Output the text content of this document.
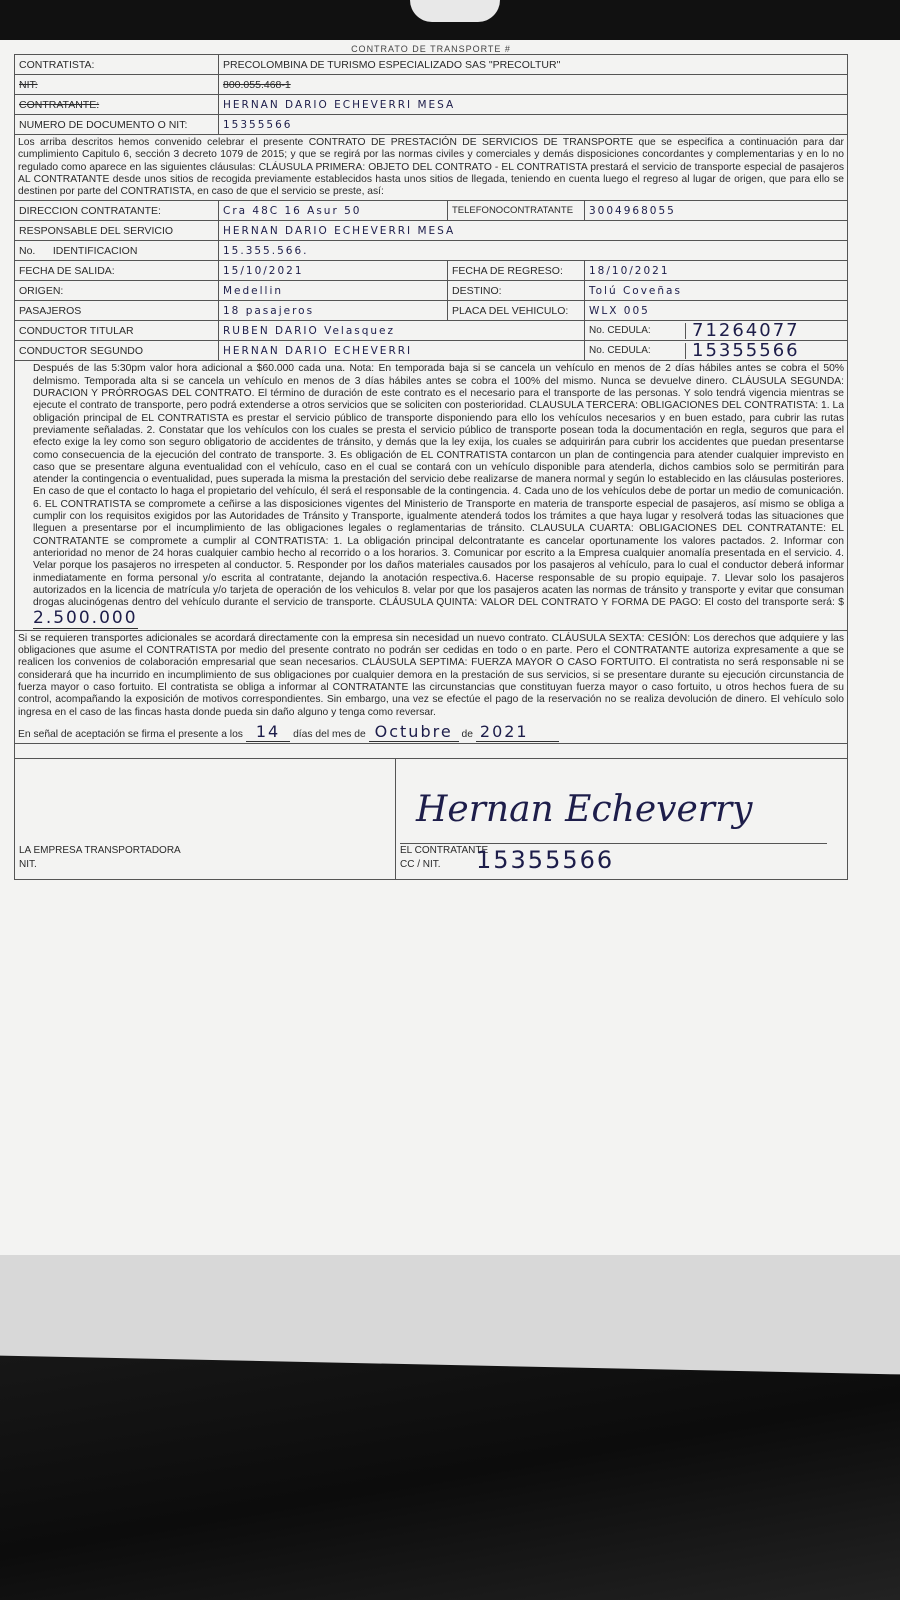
CONTRATO DE TRANSPORTE #
CONTRATISTA:	PRECOLOMBINA DE TURISMO ESPECIALIZADO SAS "PRECOLTUR"
NIT:	800.055.468-1
CONTRATANTE:	HERNAN DARIO ECHEVERRI MESA
NUMERO DE DOCUMENTO O NIT:	15355566
Los arriba descritos hemos convenido celebrar el presente CONTRATO DE PRESTACIÓN DE SERVICIOS DE TRANSPORTE que se especifica a continuación para dar cumplimiento Capitulo 6, sección 3 decreto 1079 de 2015; y que se regirá por las normas civiles y comerciales y demás disposiciones concordantes y complementarias y en lo no regulado como aparece en las siguientes cláusulas: CLÁUSULA PRIMERA: OBJETO DEL CONTRATO - EL CONTRATISTA prestará el servicio de transporte especial de pasajeros AL CONTRATANTE desde unos sitios de recogida previamente establecidos hasta unos sitios de llegada, teniendo en cuenta luego el regreso al lugar de origen, que para ello se destinen por parte del CONTRATISTA, en caso de que el servicio se preste, así:
DIRECCION CONTRATANTE:	Cra 48C 16 Asur 50	TELEFONOCONTRATANTE	3004968055
RESPONSABLE DEL SERVICIO	HERNAN DARIO ECHEVERRI MESA		
No.      IDENTIFICACION	15.355.566.		
FECHA DE SALIDA:	15/10/2021	FECHA DE REGRESO:	18/10/2021
ORIGEN:	Medellin	DESTINO:	Tolú Coveñas
PASAJEROS	18 pasajeros	PLACA DEL VEHICULO:	WLX 005
CONDUCTOR TITULAR	RUBEN DARIO Velasquez		No. CEDULA: 71264077

CONDUCTOR SEGUNDO	HERNAN DARIO ECHEVERRI		No. CEDULA: 15355566
Después de las 5:30pm valor hora adicional a $60.000 cada una. Nota: En temporada baja si se cancela un vehículo en menos de 2 días hábiles antes se cobra el 50% delmismo. Temporada alta si se cancela un vehículo en menos de 3 días hábiles antes se cobra el 100% del mismo. Nunca se devuelve dinero. CLÁUSULA SEGUNDA: DURACION Y PRÓRROGAS DEL CONTRATO. El término de duración de este contrato es el necesario para el transporte de las personas. Y solo tendrá vigencia mientras se ejecute el contrato de transporte, pero podrá extenderse a otros servicios que se soliciten con posterioridad. CLAUSULA TERCERA: OBLIGACIONES DEL CONTRATISTA: 1. La obligación principal de EL CONTRATISTA es prestar el servicio público de transporte disponiendo para ello los vehículos necesarios y en buen estado, para cubrir las rutas previamente señaladas. 2. Constatar que los vehículos con los cuales se presta el servicio público de transporte posean toda la documentación en regla, seguros que para el efecto exige la ley como son seguro obligatorio de accidentes de tránsito, y demás que la ley exija, los cuales se adquirirán para cubrir los accidentes que puedan presentarse como consecuencia de la ejecución del contrato de transporte. 3. Es obligación de EL CONTRATISTA contarcon un plan de contingencia para atender cualquier imprevisto en caso que se presentare alguna eventualidad con el vehículo, caso en el cual se contará con un vehículo disponible para atenderla, dichos cambios solo se permitirán para atender la contingencia o eventualidad, pues superada la misma la prestación del servicio debe realizarse de manera normal y según lo establecido en las cláusulas posteriores. En caso de que el contacto lo haga el propietario del vehículo, él será el responsable de la contingencia. 4. Cada uno de los vehículos debe de portar un medio de comunicación. 6. EL CONTRATISTA se compromete a ceñirse a las disposiciones vigentes del Ministerio de Transporte en materia de transporte especial de pasajeros, así mismo se obliga a cumplir con los requisitos exigidos por las Autoridades de Tránsito y Transporte, igualmente atenderá todos los trámites a que haya lugar y resolverá todas las situaciones que lleguen a presentarse por el incumplimiento de las obligaciones legales o reglamentarias de tránsito. CLAUSULA CUARTA: OBLIGACIONES DEL CONTRATANTE: EL CONTRATANTE se compromete a cumplir al CONTRATISTA: 1. La obligación principal delcontratante es cancelar oportunamente los valores pactados. 2. Informar con anterioridad no menor de 24 horas cualquier cambio hecho al recorrido o a los horarios. 3. Comunicar por escrito a la Empresa cualquier anomalía presentada en el servicio. 4. Velar porque los pasajeros no irrespeten al conductor. 5. Responder por los daños materiales causados por los pasajeros al vehículo, para lo cual el conductor deberá informar inmediatamente en forma personal y/o escrita al contratante, dejando la anotación respectiva.6. Hacerse responsable de su propio equipaje. 7. Llevar solo los pasajeros autorizados en la licencia de matrícula y/o tarjeta de operación de los vehiculos 8. velar por que los pasajeros acaten las normas de tránsito y transporte y evitar que consuman drogas alucinógenas dentro del vehículo durante el servicio de transporte. CLÁUSULA QUINTA: VALOR DEL CONTRATO Y FORMA DE PAGO: El costo del transporte será: $ 2.500.000
Si se requieren transportes adicionales se acordará directamente con la empresa sin necesidad un nuevo contrato. CLÁUSULA SEXTA: CESIÓN: Los derechos que adquiere y las obligaciones que asume el CONTRATISTA por medio del presente contrato no podrán ser cedidas en todo o en parte. Pero el CONTRATANTE autoriza expresamente a que se realicen los convenios de colaboración empresarial que sean necesarios. CLÁUSULA SEPTIMA: FUERZA MAYOR O CASO FORTUITO. El contratista no será responsable ni se considerará que ha incurrido en incumplimiento de sus obligaciones por cualquier demora en la prestación de sus servicios, si se presentare durante su ejecución circunstancia de fuerza mayor o caso fortuito. El contratista se obliga a informar al CONTRATANTE las circunstancias que constituyan fuerza mayor o caso fortuito, u otros hechos fuera de su control, acompañando la exposición de motivos correspondientes. Sin embargo, una vez se efectúe el pago de la reservación no se realiza devolución de dinero. El vehículo solo ingresa en el caso de las fincas hasta donde pueda sin daño alguno y tenga como reversar.
En señal de aceptación se firma el presente a los 14 días del mes de Octubre de 2021
LA EMPRESA TRANSPORTADORA
NIT.
Hernan Echeverry
EL CONTRATANTE
CC / NIT. 15355566
